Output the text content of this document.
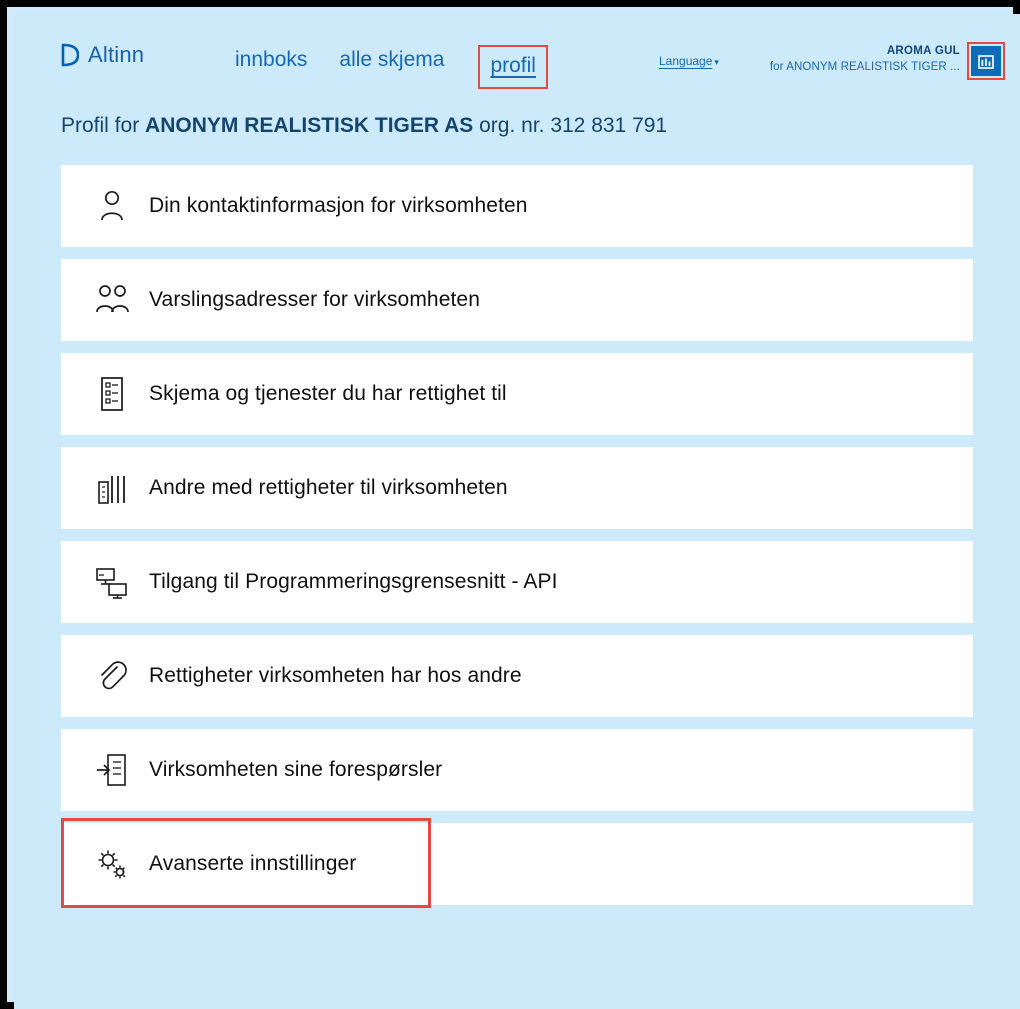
Altinn	innboks	alle skjema	profil	Language ▾
AROMA GUL
for ANONYM REALISTISK TIGER ...
Profil for ANONYM REALISTISK TIGER AS org. nr. 312 831 791
Din kontaktinformasjon for virksomheten
Varslingsadresser for virksomheten
Skjema og tjenester du har rettighet til
Andre med rettigheter til virksomheten
Tilgang til Programmeringsgrensesnitt - API
Rettigheter virksomheten har hos andre
Virksomheten sine forespørsler
Avanserte innstillinger
